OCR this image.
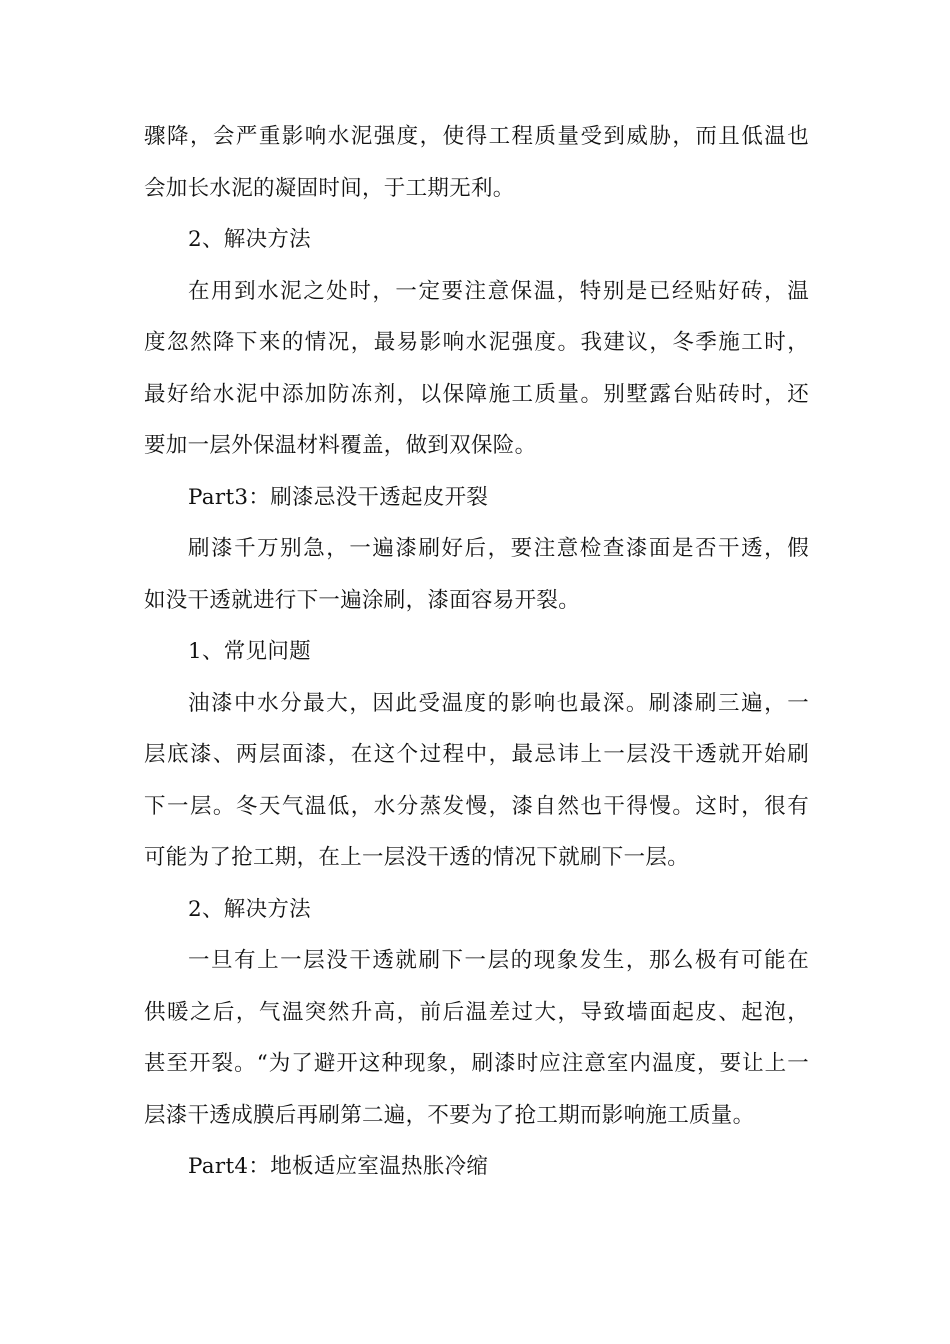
骤降，会严重影响水泥强度，使得工程质量受到威胁，而且低温也
会加长水泥的凝固时间，于工期无利。
2、解决方法
在用到水泥之处时，一定要注意保温，特别是已经贴好砖，温
度忽然降下来的情况，最易影响水泥强度。我建议，冬季施工时，
最好给水泥中添加防冻剂，以保障施工质量。别墅露台贴砖时，还
要加一层外保温材料覆盖，做到双保险。
Part3：刷漆忌没干透起皮开裂
刷漆千万别急，一遍漆刷好后，要注意检查漆面是否干透，假
如没干透就进行下一遍涂刷，漆面容易开裂。
1、常见问题
油漆中水分最大，因此受温度的影响也最深。刷漆刷三遍，一
层底漆、两层面漆，在这个过程中，最忌讳上一层没干透就开始刷
下一层。冬天气温低，水分蒸发慢，漆自然也干得慢。这时，很有
可能为了抢工期，在上一层没干透的情况下就刷下一层。
2、解决方法
一旦有上一层没干透就刷下一层的现象发生，那么极有可能在
供暖之后，气温突然升高，前后温差过大，导致墙面起皮、起泡，
甚至开裂。“为了避开这种现象，刷漆时应注意室内温度，要让上一
层漆干透成膜后再刷第二遍，不要为了抢工期而影响施工质量。
Part4：地板适应室温热胀冷缩
